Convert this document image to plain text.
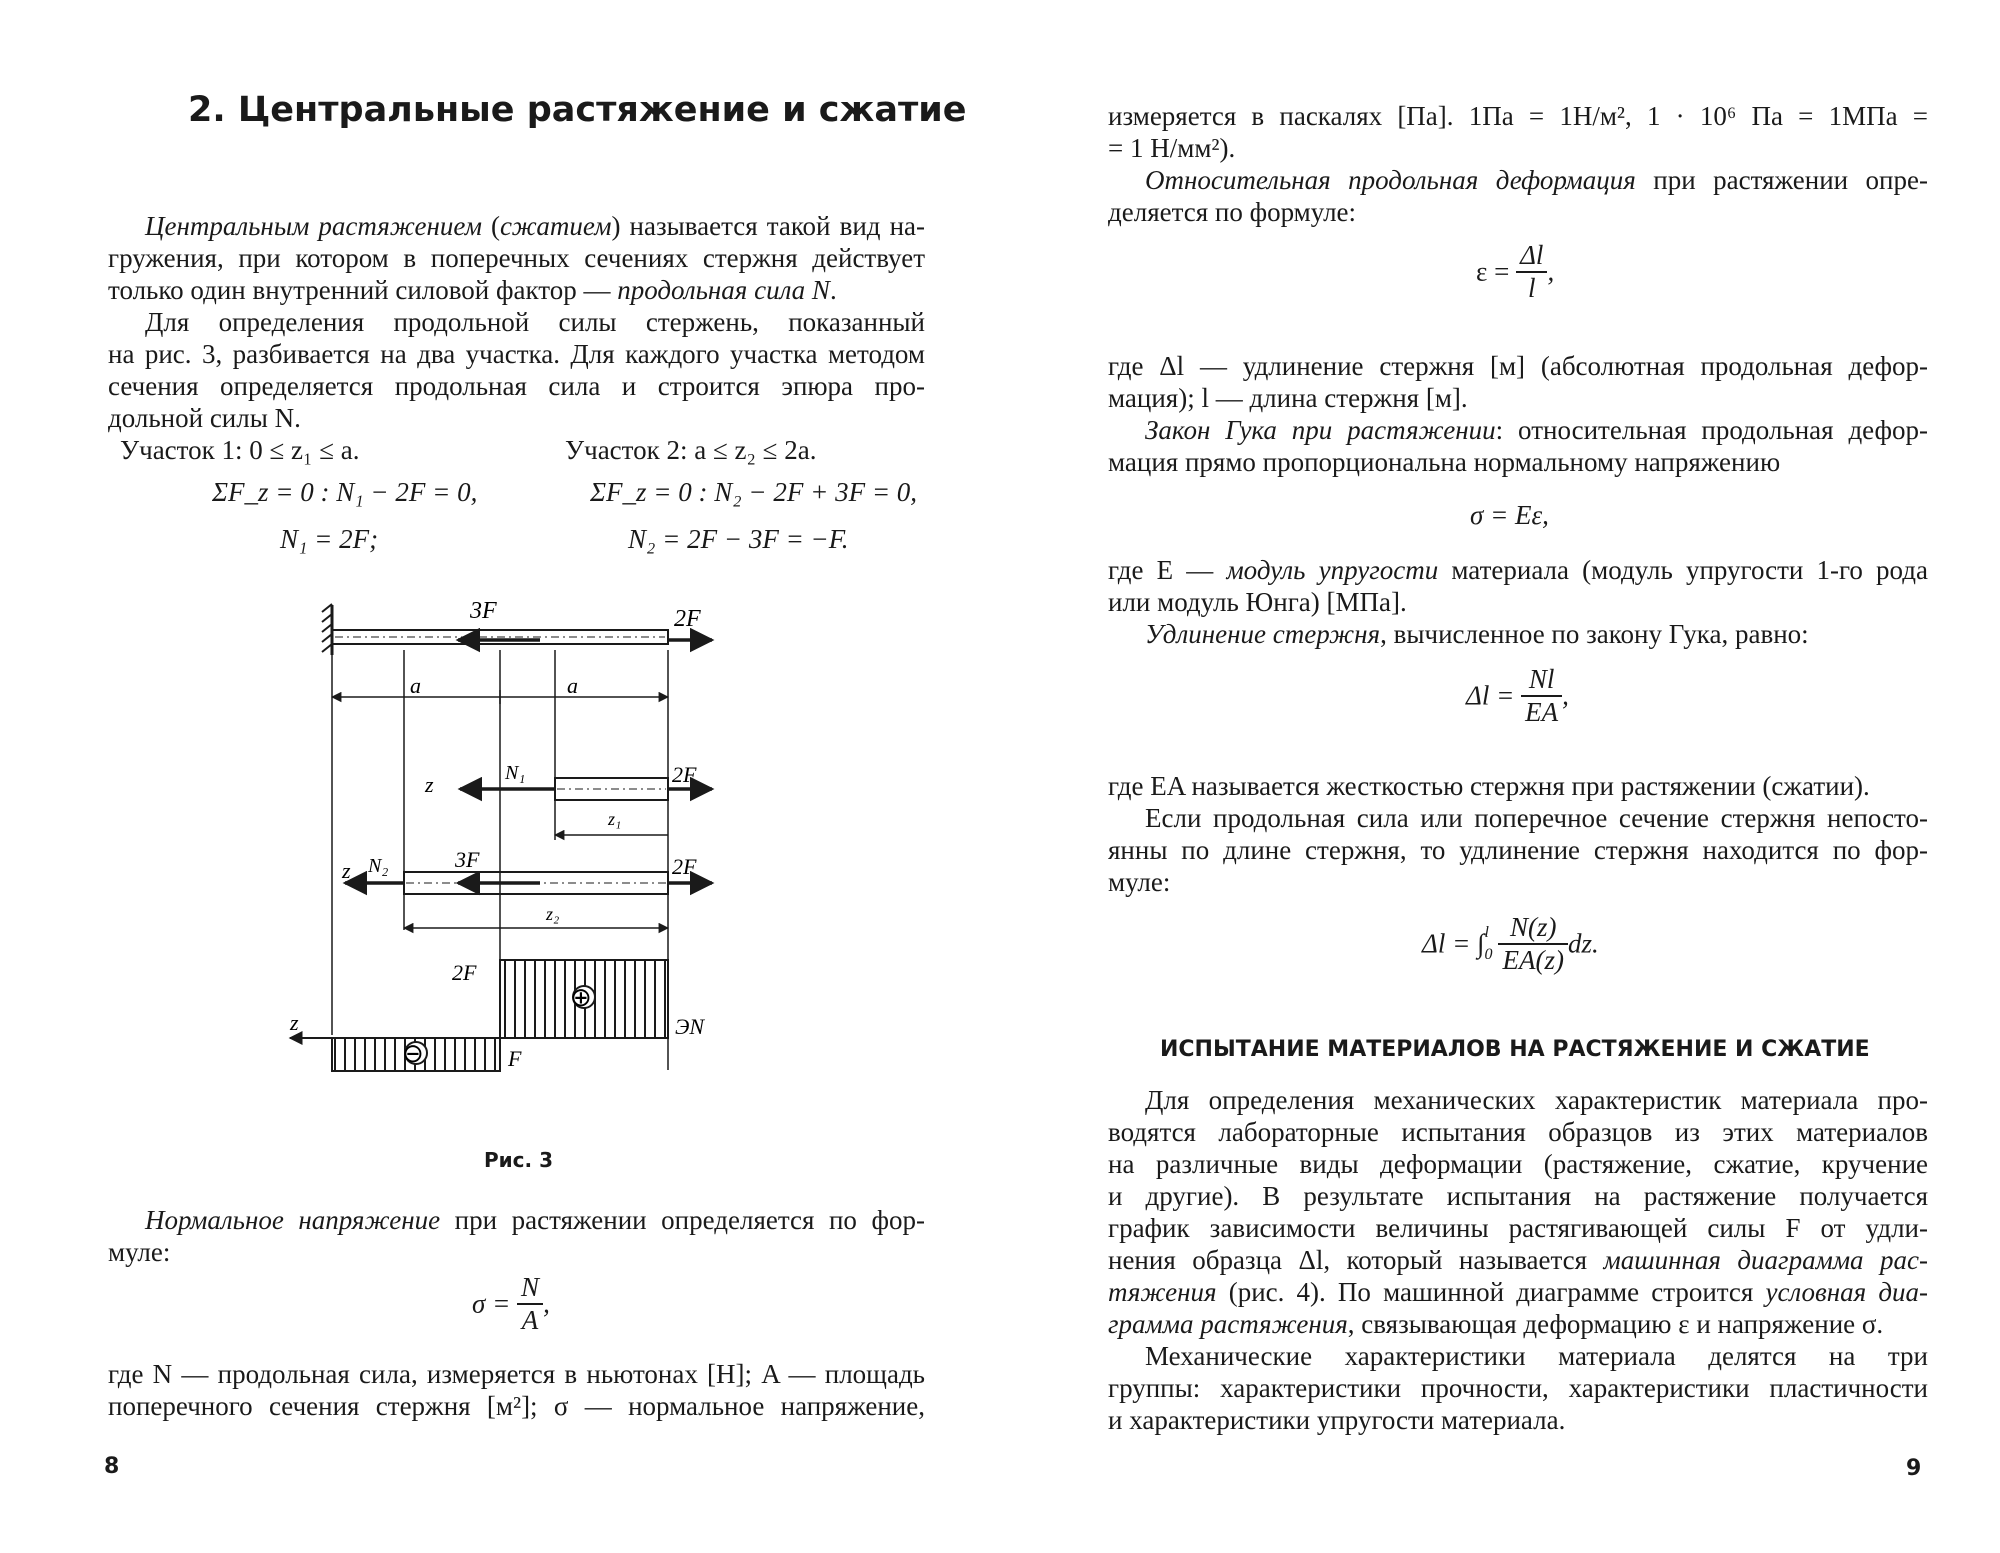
2. Центральные растяжение и сжатие
Центральным растяжением (сжатием) называется такой вид на-
гружения, при котором в поперечных сечениях стержня действует
только один внутренний силовой фактор — продольная сила N.
Для определения продольной силы стержень, показанный
на рис. 3, разбивается на два участка. Для каждого участка методом
сечения определяется продольная сила и строится эпюра про-
дольной силы N.
Участок 1: 0 ≤ z₁ ≤ a.	Участок 2: a ≤ z₂ ≤ 2a.
ΣF_z = 0 : N₁ − 2F = 0,	ΣF_z = 0 : N₂ − 2F + 3F = 0,
N₁ = 2F;	N₂ = 2F − 3F = −F.
3F	2F
a	a
z	N₁	2F
z₁
z N₂	3F	2F
z₂
⊕
⊖
2F
z
F
ЭN
Рис. 3
Нормальное напряжение при растяжении определяется по фор-
муле:
$\sigma = \frac{N}{A}$ ,
где N — продольная сила, измеряется в ньютонах [Н]; A — площадь
поперечного сечения стержня [м²]; σ — нормальное напряжение,
8
измеряется в паскалях [Па]. 1Па = 1Н/м², 1 · 10⁶ Па = 1МПа =
= 1 Н/мм²).
Относительная продольная деформация при растяжении опре-
деляется по формуле:
$\varepsilon = \frac{\Delta l}{l}$ ,
где Δl — удлинение стержня [м] (абсолютная продольная дефор-
мация); l — длина стержня [м].
Закон Гука при растяжении: относительная продольная дефор-
мация прямо пропорциональна нормальному напряжению
σ = Eε,
где E — модуль упругости материала (модуль упругости 1-го рода
или модуль Юнга) [МПа].
Удлинение стержня, вычисленное по закону Гука, равно:
$\Delta l = \frac{Nl}{EA}$ ,
где EA называется жесткостью стержня при растяжении (сжатии).
Если продольная сила или поперечное сечение стержня непосто-
янны по длине стержня, то удлинение стержня находится по фор-
муле:
Δl = ∫ l
$0 \frac{N(z)}{EA(z)}$ dz.
ИСПЫТАНИЕ МАТЕРИАЛОВ НА РАСТЯЖЕНИЕ И СЖАТИЕ
Для определения механических характеристик материала про-
водятся лабораторные испытания образцов из этих материалов
на различные виды деформации (растяжение, сжатие, кручение
и другие). В результате испытания на растяжение получается
график зависимости величины растягивающей силы F от удли-
нения образца Δl, который называется машинная диаграмма рас-
тяжения (рис. 4). По машинной диаграмме строится условная диа-
грамма растяжения, связывающая деформацию ε и напряжение σ.
Механические характеристики материала делятся на три
группы: характеристики прочности, характеристики пластичности
и характеристики упругости материала.
9
